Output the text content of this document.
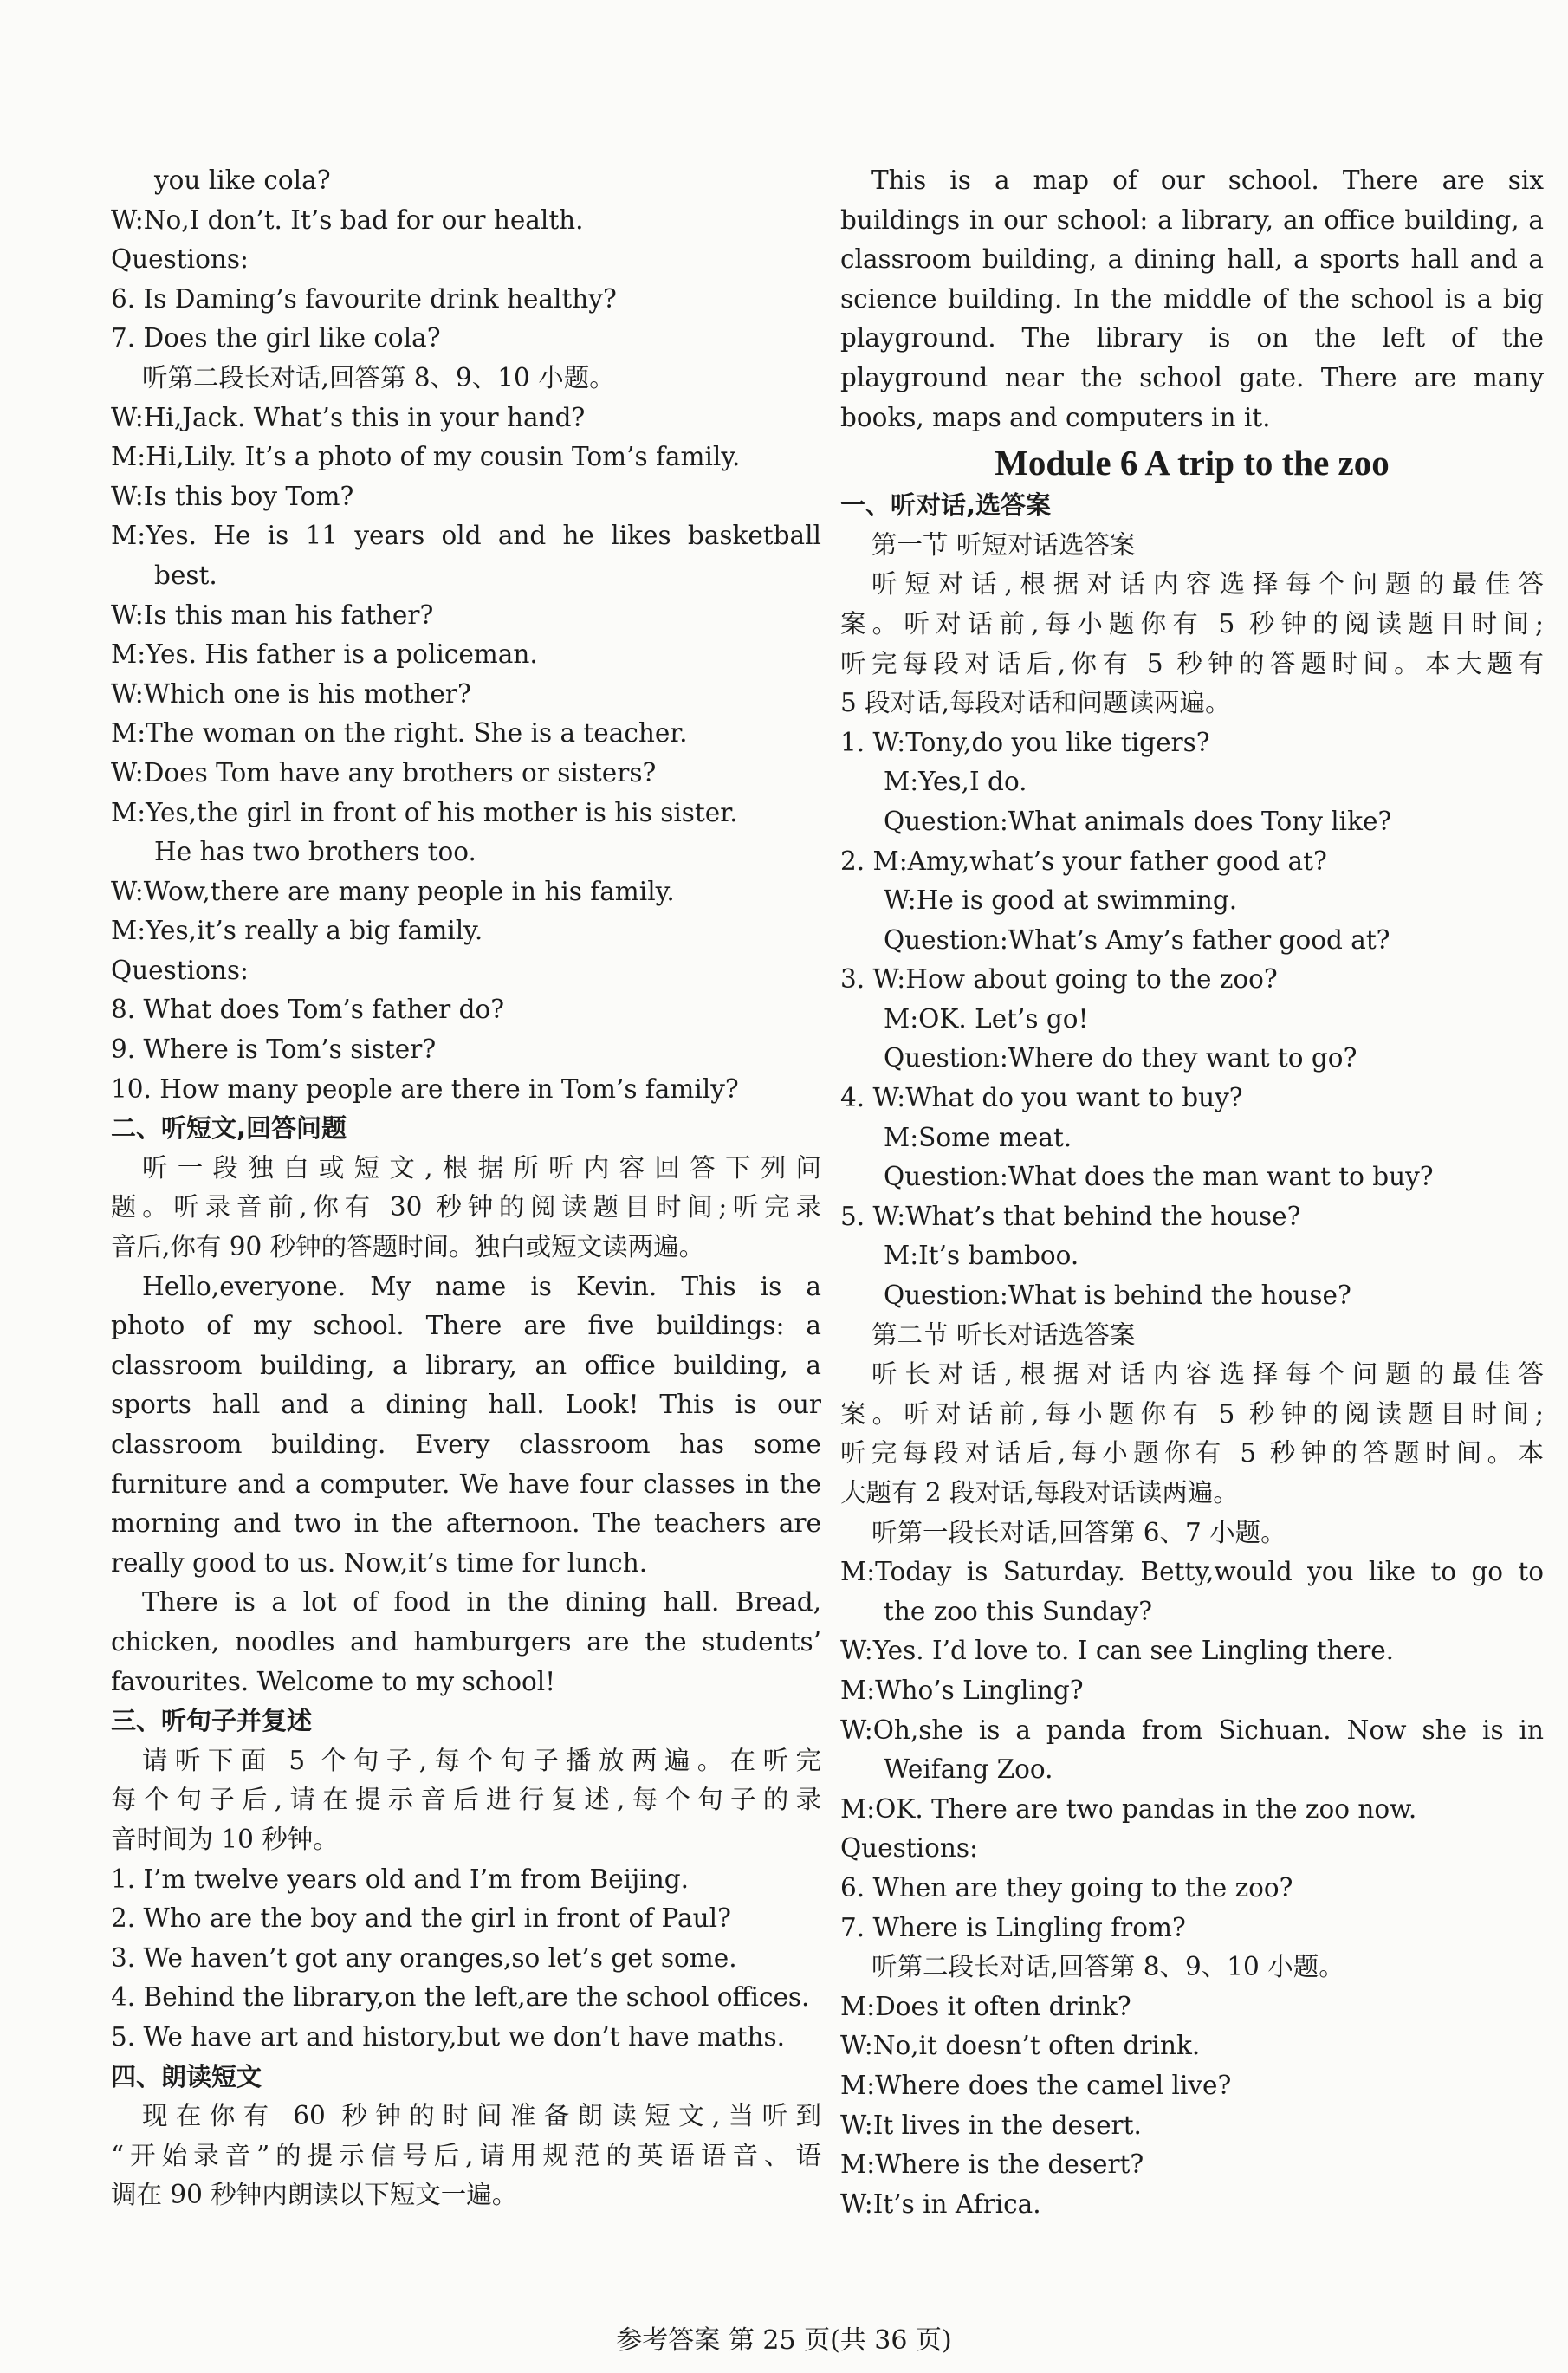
you like cola?
W:No,I don’t. It’s bad for our health.
Questions:
6. Is Daming’s favourite drink healthy?
7. Does the girl like cola?
听第二段长对话,回答第 8、9、10 小题。
W:Hi,Jack. What’s this in your hand?
M:Hi,Lily. It’s a photo of my cousin Tom’s family.
W:Is this boy Tom?
M:Yes. He is 11 years old and he likes basketball
best.
W:Is this man his father?
M:Yes. His father is a policeman.
W:Which one is his mother?
M:The woman on the right. She is a teacher.
W:Does Tom have any brothers or sisters?
M:Yes,the girl in front of his mother is his sister.
He has two brothers too.
W:Wow,there are many people in his family.
M:Yes,it’s really a big family.
Questions:
8. What does Tom’s father do?
9. Where is Tom’s sister?
10. How many people are there in Tom’s family?
二、听短文,回答问题
听一段独白或短文,根据所听内容回答下列问
题。听录音前,你有 30 秒钟的阅读题目时间;听完录
音后,你有 90 秒钟的答题时间。独白或短文读两遍。
Hello,everyone. My name is Kevin. This is a
photo of my school. There are five buildings: a
classroom building, a library, an office building, a
sports hall and a dining hall. Look! This is our
classroom building. Every classroom has some
furniture and a computer. We have four classes in the
morning and two in the afternoon. The teachers are
really good to us. Now,it’s time for lunch.
There is a lot of food in the dining hall. Bread,
chicken, noodles and hamburgers are the students’
favourites. Welcome to my school!
三、听句子并复述
请听下面 5 个句子,每个句子播放两遍。在听完
每个句子后,请在提示音后进行复述,每个句子的录
音时间为 10 秒钟。
1. I’m twelve years old and I’m from Beijing.
2. Who are the boy and the girl in front of Paul?
3. We haven’t got any oranges,so let’s get some.
4. Behind the library,on the left,are the school offices.
5. We have art and history,but we don’t have maths.
四、朗读短文
现在你有 60 秒钟的时间准备朗读短文,当听到
“开始录音”的提示信号后,请用规范的英语语音、语
调在 90 秒钟内朗读以下短文一遍。
This is a map of our school. There are six
buildings in our school: a library, an office building, a
classroom building, a dining hall, a sports hall and a
science building. In the middle of the school is a big
playground. The library is on the left of the
playground near the school gate. There are many
books, maps and computers in it.
Module 6 A trip to the zoo
一、听对话,选答案
第一节 听短对话选答案
听短对话,根据对话内容选择每个问题的最佳答
案。听对话前,每小题你有 5 秒钟的阅读题目时间;
听完每段对话后,你有 5 秒钟的答题时间。本大题有
5 段对话,每段对话和问题读两遍。
1. W:Tony,do you like tigers?
M:Yes,I do.
Question:What animals does Tony like?
2. M:Amy,what’s your father good at?
W:He is good at swimming.
Question:What’s Amy’s father good at?
3. W:How about going to the zoo?
M:OK. Let’s go!
Question:Where do they want to go?
4. W:What do you want to buy?
M:Some meat.
Question:What does the man want to buy?
5. W:What’s that behind the house?
M:It’s bamboo.
Question:What is behind the house?
第二节 听长对话选答案
听长对话,根据对话内容选择每个问题的最佳答
案。听对话前,每小题你有 5 秒钟的阅读题目时间;
听完每段对话后,每小题你有 5 秒钟的答题时间。本
大题有 2 段对话,每段对话读两遍。
听第一段长对话,回答第 6、7 小题。
M:Today is Saturday. Betty,would you like to go to
the zoo this Sunday?
W:Yes. I’d love to. I can see Lingling there.
M:Who’s Lingling?
W:Oh,she is a panda from Sichuan. Now she is in
Weifang Zoo.
M:OK. There are two pandas in the zoo now.
Questions:
6. When are they going to the zoo?
7. Where is Lingling from?
听第二段长对话,回答第 8、9、10 小题。
M:Does it often drink?
W:No,it doesn’t often drink.
M:Where does the camel live?
W:It lives in the desert.
M:Where is the desert?
W:It’s in Africa.
参考答案 第 25 页(共 36 页)
